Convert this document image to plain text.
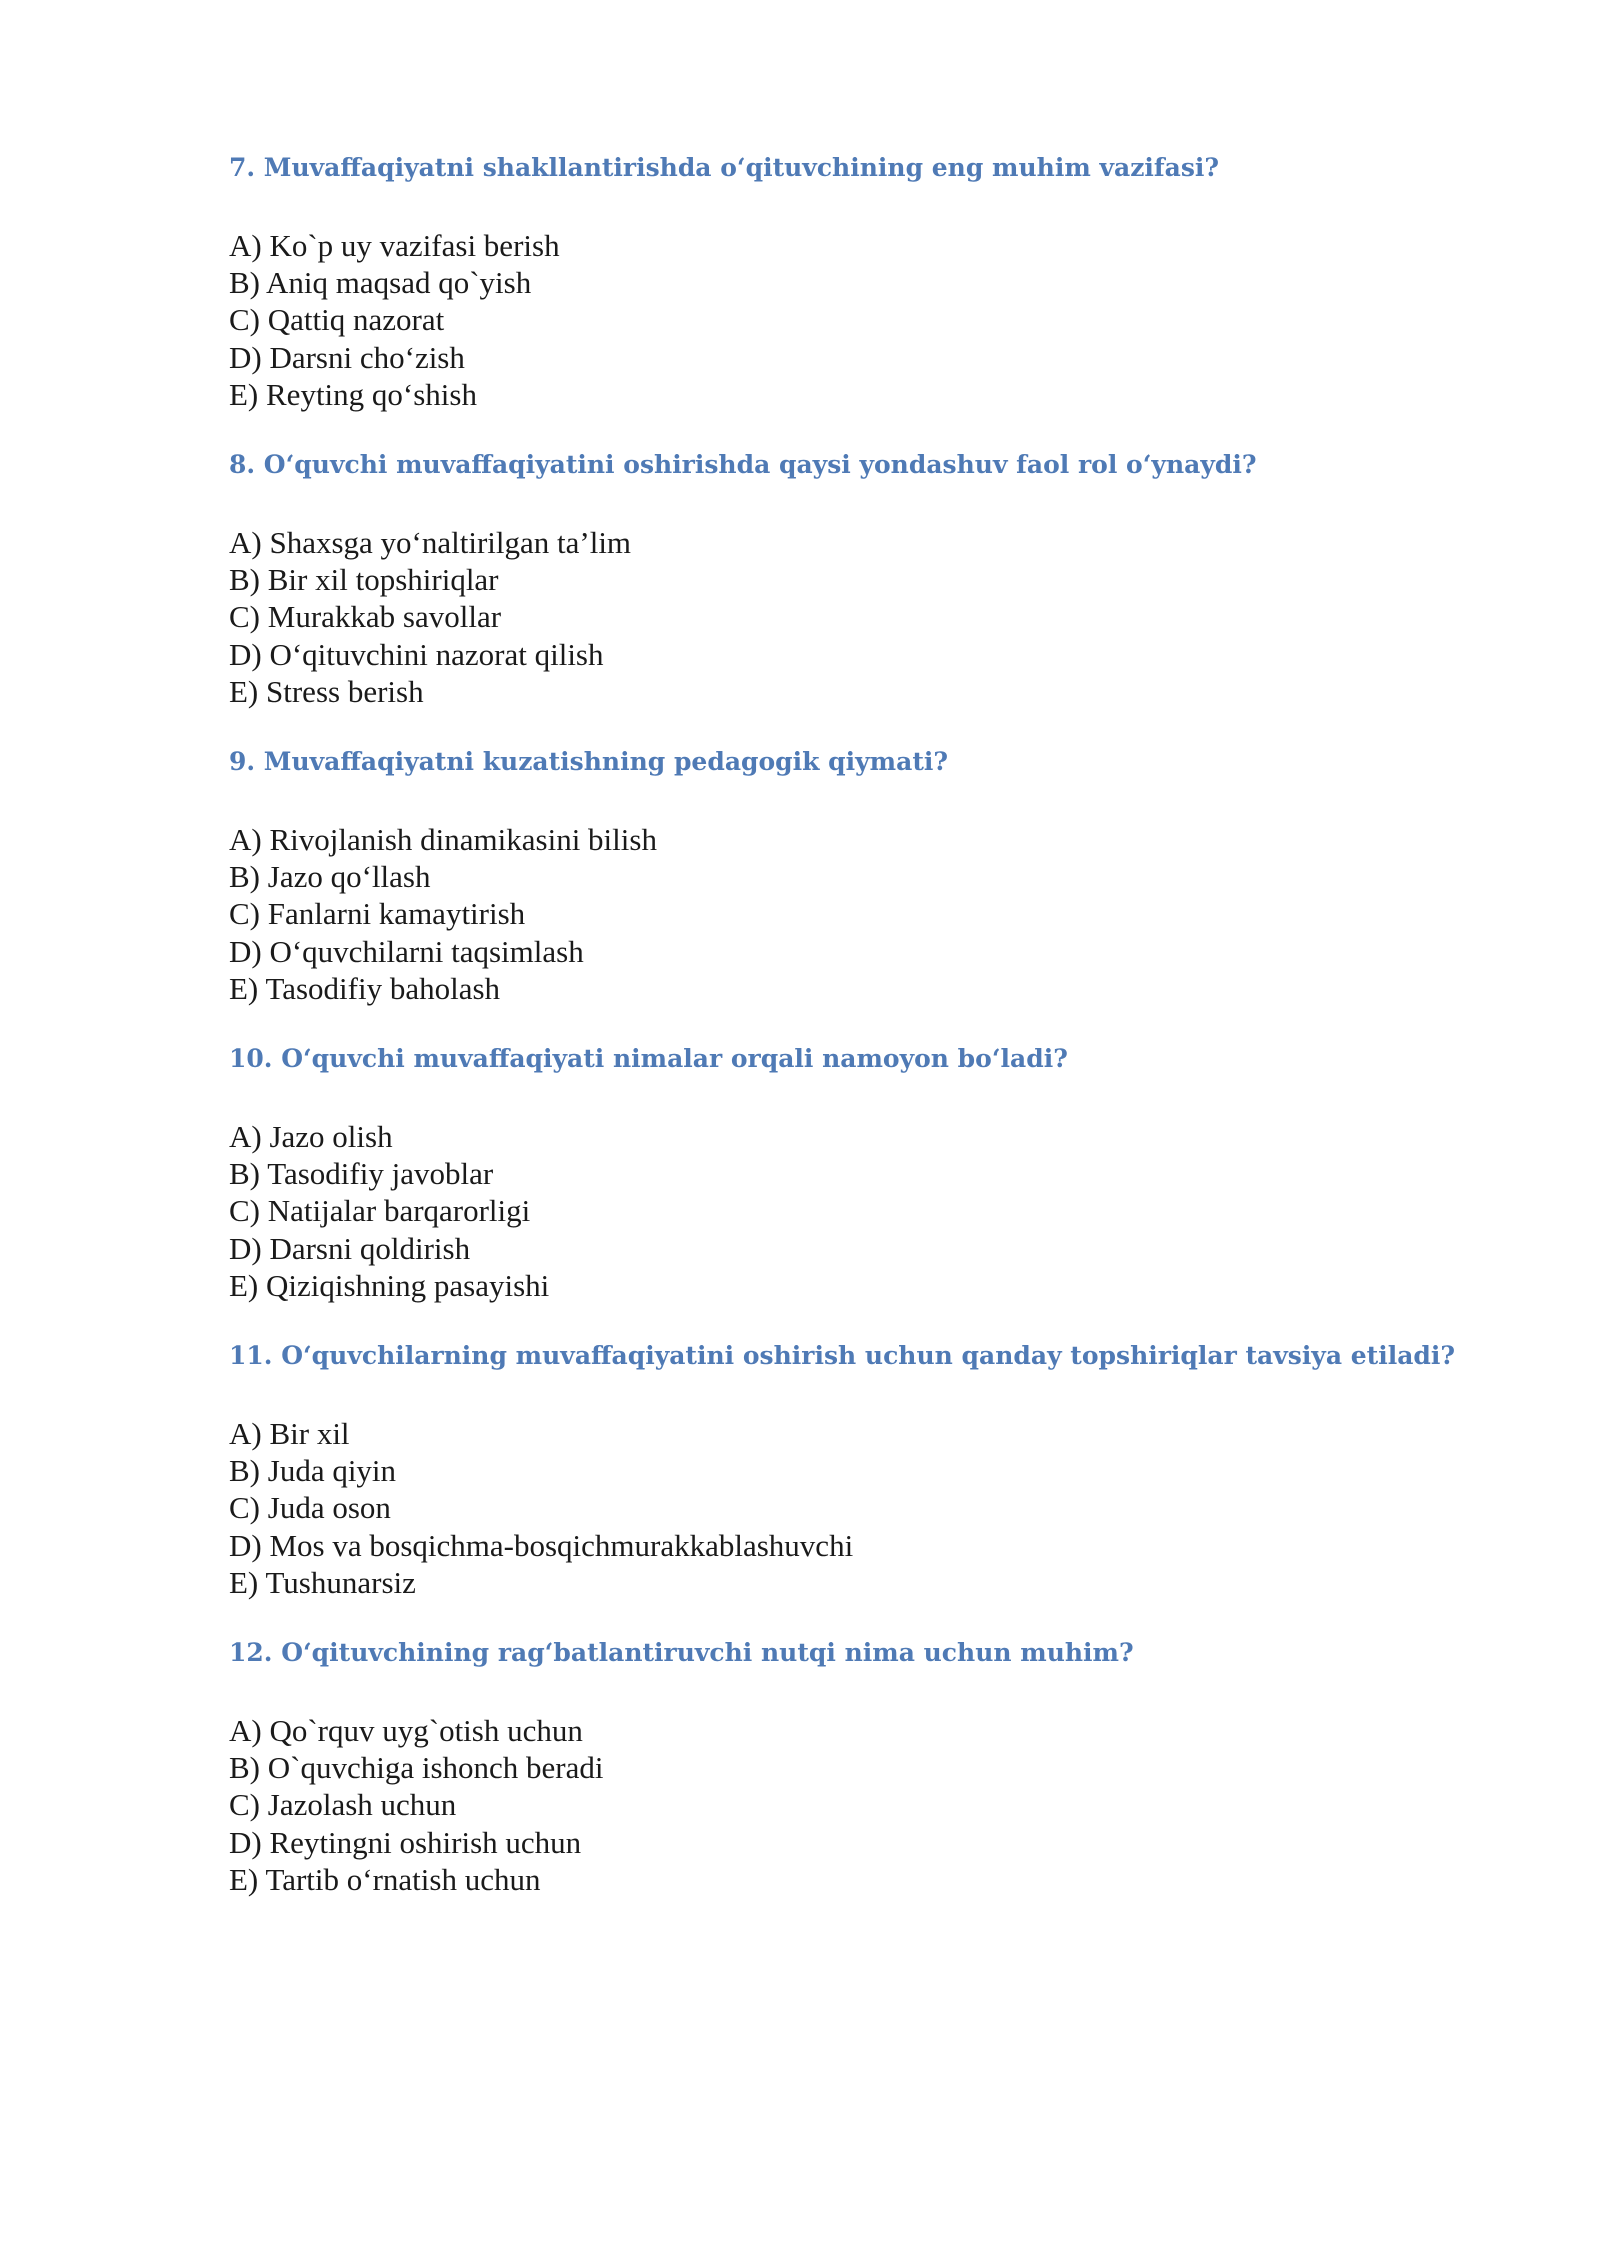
7. Muvaffaqiyatni shakllantirishda o‘qituvchining eng muhim vazifasi?

A) Ko`p uy vazifasi berish
B) Aniq maqsad qo`yish
C) Qattiq nazorat
D) Darsni cho‘zish
E) Reyting qo‘shish

8. O‘quvchi muvaffaqiyatini oshirishda qaysi yondashuv faol rol o‘ynaydi?

A) Shaxsga yo‘naltirilgan ta’lim
B) Bir xil topshiriqlar
C) Murakkab savollar
D) O‘qituvchini nazorat qilish
E) Stress berish

9. Muvaffaqiyatni kuzatishning pedagogik qiymati?

A) Rivojlanish dinamikasini bilish
B) Jazo qo‘llash
C) Fanlarni kamaytirish
D) O‘quvchilarni taqsimlash
E) Tasodifiy baholash

10. O‘quvchi muvaffaqiyati nimalar orqali namoyon bo‘ladi?

A) Jazo olish
B) Tasodifiy javoblar
C) Natijalar barqarorligi
D) Darsni qoldirish
E) Qiziqishning pasayishi

11. O‘quvchilarning muvaffaqiyatini oshirish uchun qanday topshiriqlar tavsiya etiladi?

A) Bir xil
B) Juda qiyin
C) Juda oson
D) Mos va bosqichma-bosqichmurakkablashuvchi
E) Tushunarsiz

12. O‘qituvchining rag‘batlantiruvchi nutqi nima uchun muhim?

A) Qo`rquv uyg`otish uchun
B) O`quvchiga ishonch beradi
C) Jazolash uchun
D) Reytingni oshirish uchun
E) Tartib o‘rnatish uchun
